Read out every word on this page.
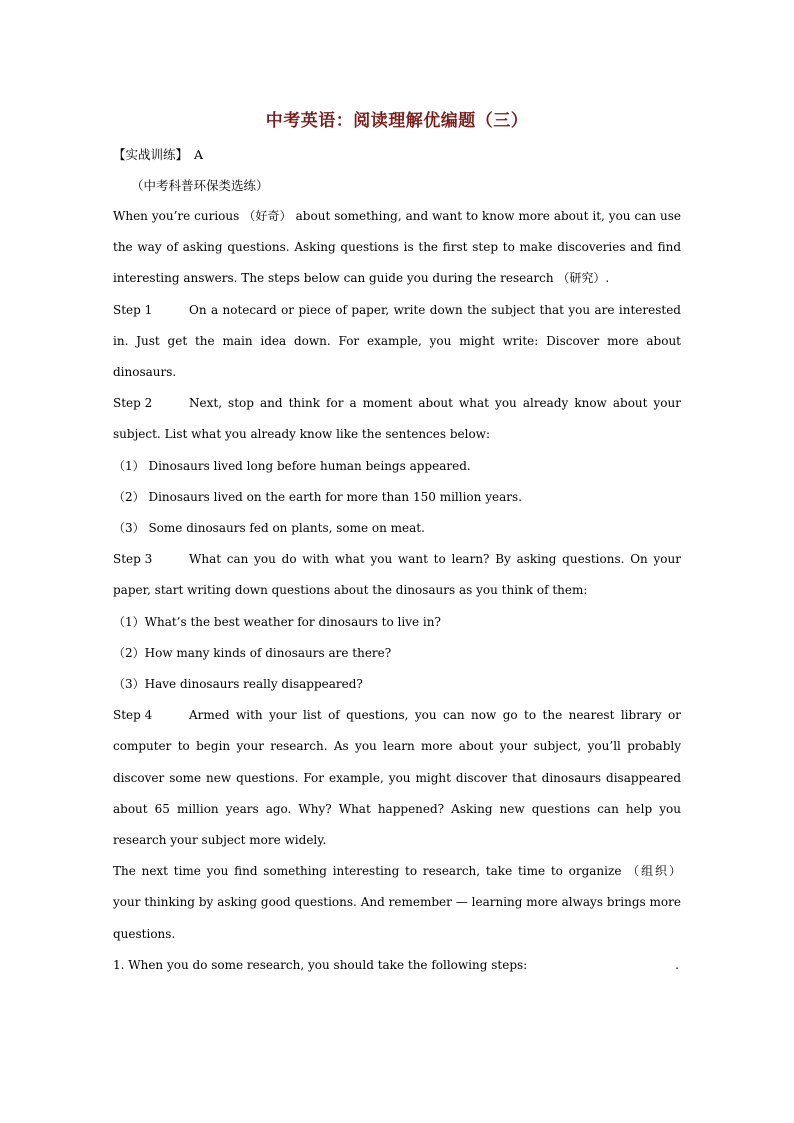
中考英语：阅读理解优编题（三）
【实战训练】 A
（中考科普环保类选练）

When you’re curious （好奇） about something, and want to know more about it, you can use the way of asking questions. Asking questions is the first step to make discoveries and find interesting answers. The steps below can guide you during the research （研究）.

Step 1	On a notecard or piece of paper, write down the subject that you are interested in. Just get the main idea down. For example, you might write: Discover more about dinosaurs.

Step 2	Next, stop and think for a moment about what you already know about your subject. List what you already know like the sentences below:

（1） Dinosaurs lived long before human beings appeared.

（2） Dinosaurs lived on the earth for more than 150 million years.

（3） Some dinosaurs fed on plants, some on meat.

Step 3	What can you do with what you want to learn? By asking questions. On your paper, start writing down questions about the dinosaurs as you think of them:

（1）What’s the best weather for dinosaurs to live in?

（2）How many kinds of dinosaurs are there?

（3）Have dinosaurs really disappeared?

Step 4	Armed with your list of questions, you can now go to the nearest library or computer to begin your research. As you learn more about your subject, you’ll probably discover some new questions. For example, you might discover that dinosaurs disappeared about 65 million years ago. Why? What happened? Asking new questions can help you research your subject more widely.

The next time you find something interesting to research, take time to organize （组织） your thinking by asking good questions. And remember — learning more always brings more questions.

1. When you do some research, you should take the following steps:	.
